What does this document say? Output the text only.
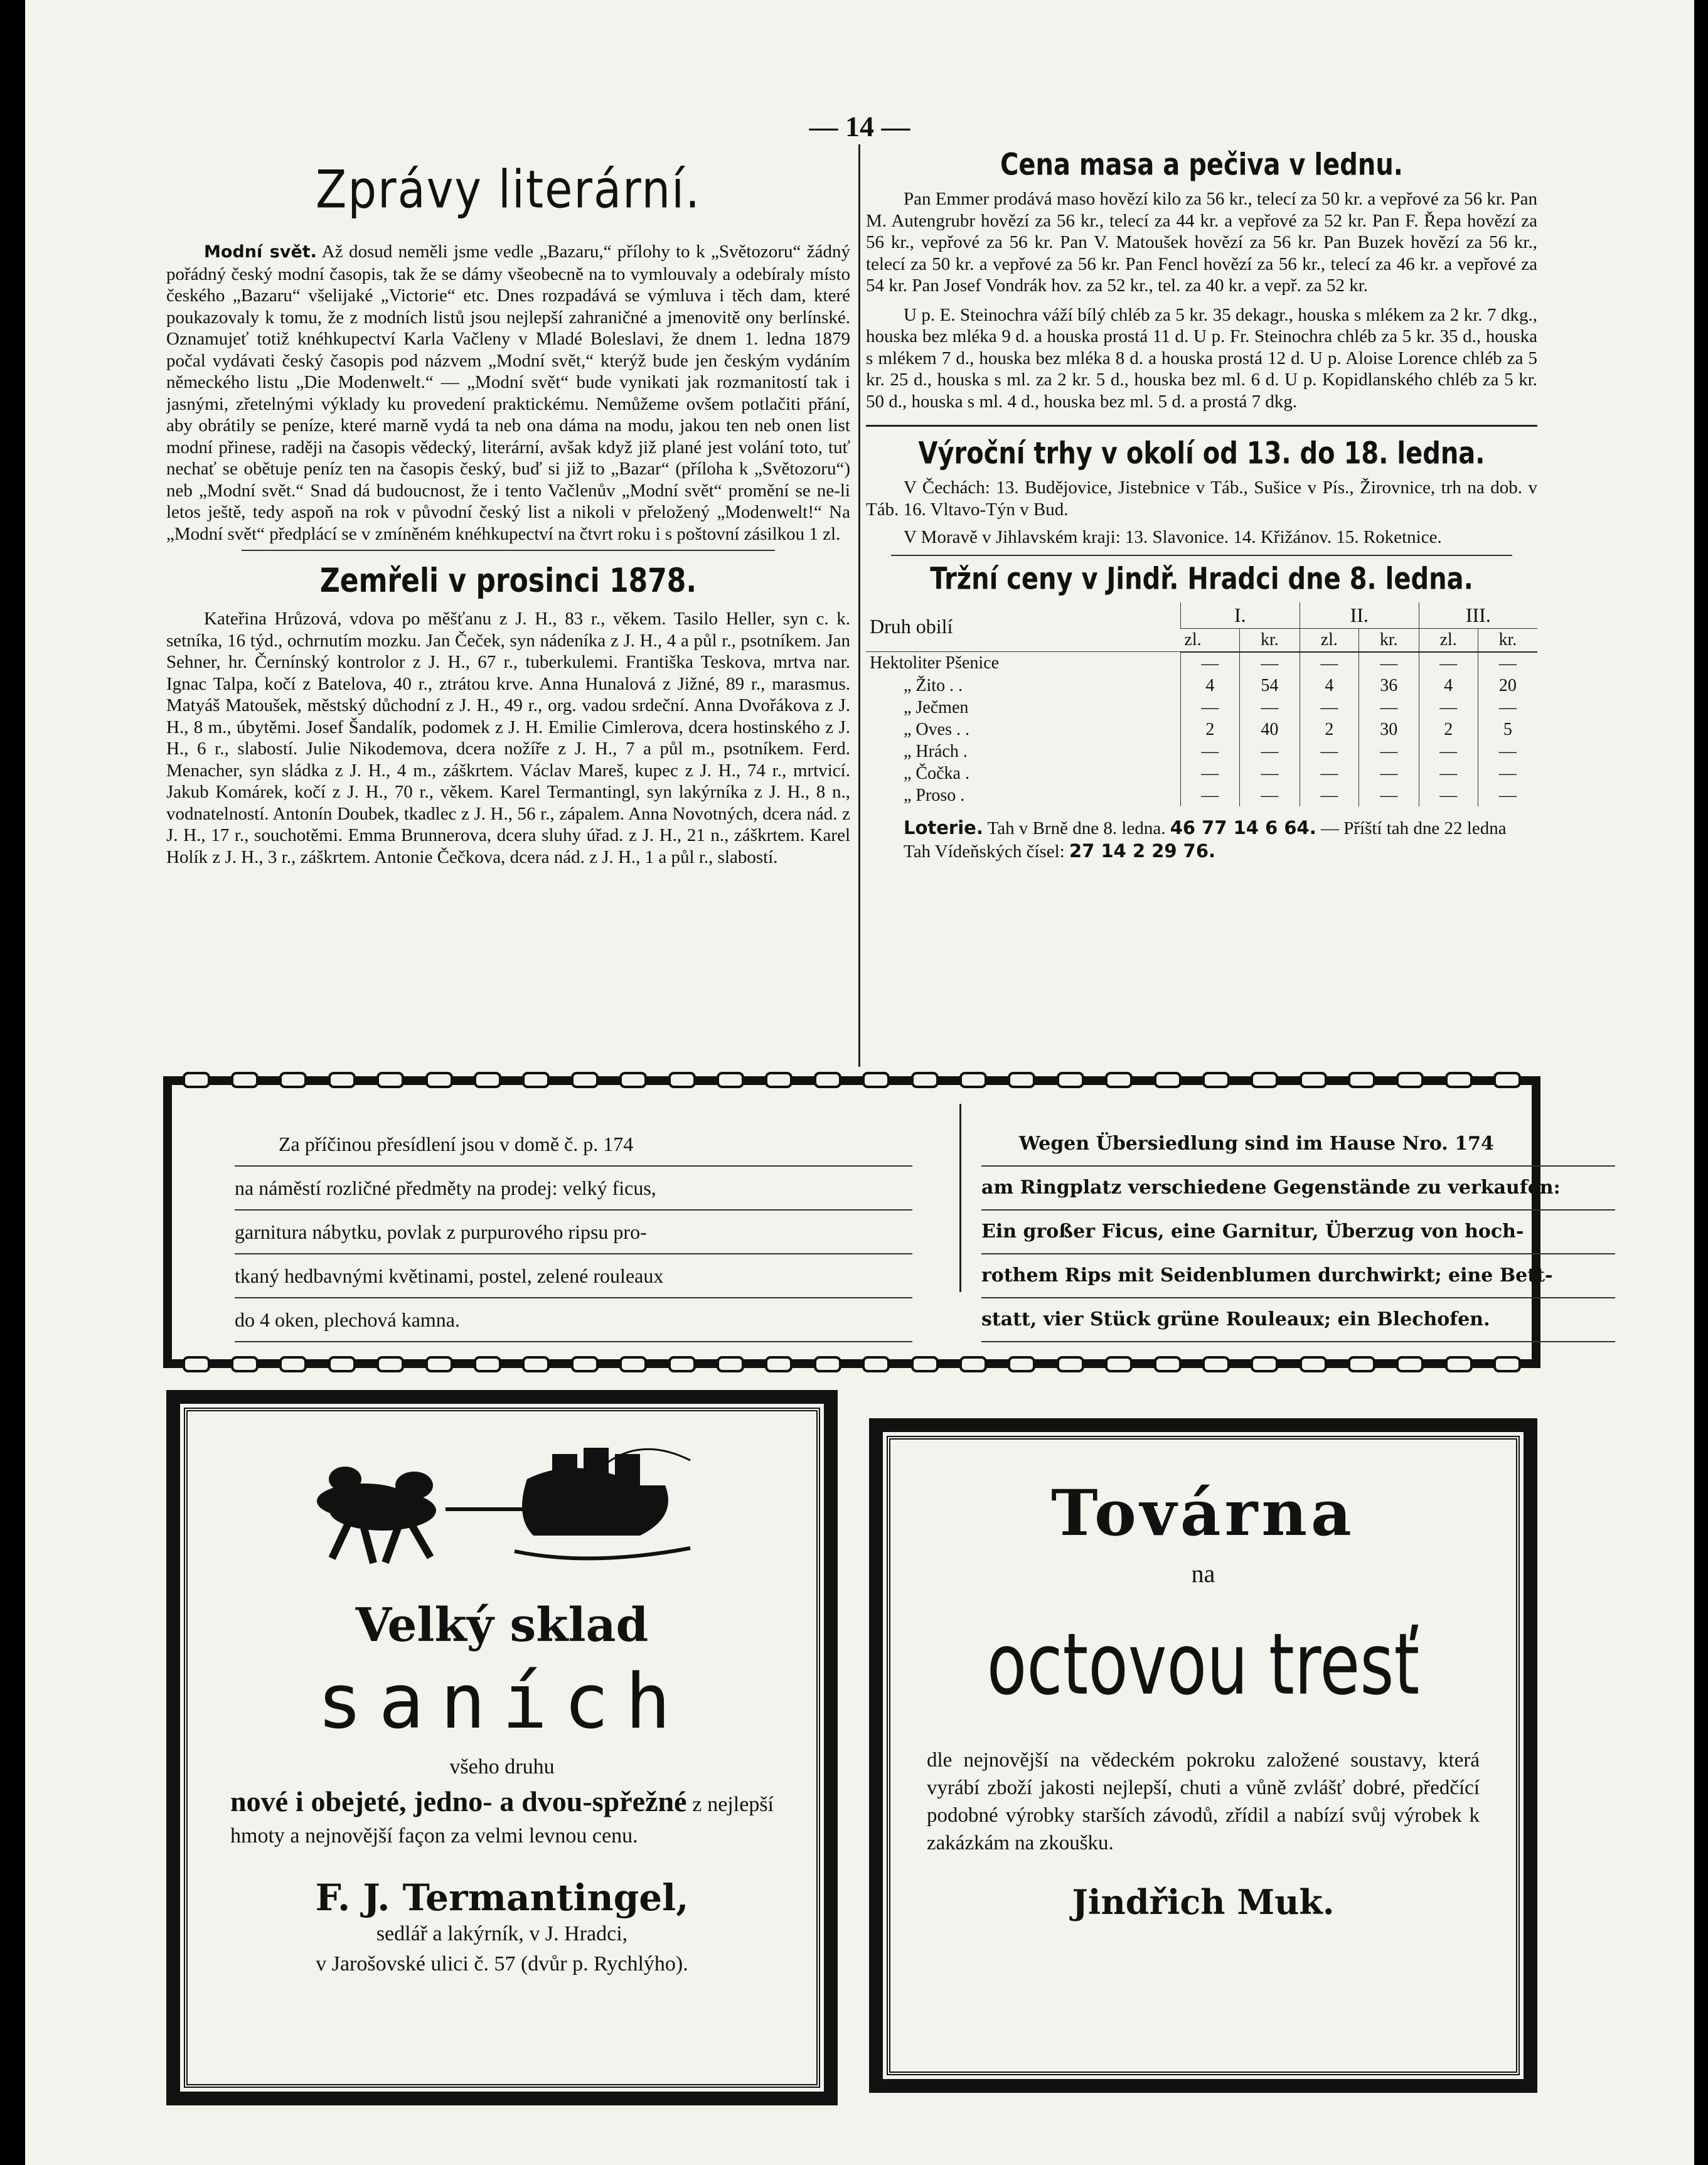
— 14 —
Zprávy literární.

Modní svět. Až dosud neměli jsme vedle „Bazaru,“ přílohy to k „Světozoru“ žádný pořádný český modní časopis, tak že se dámy všeobecně na to vymlouvaly a odebíraly místo českého „Bazaru“ všelijaké „Victorie“ etc. Dnes rozpadává se výmluva i těch dam, které poukazovaly k tomu, že z modních listů jsou nejlepší zahraničné a jmenovitě ony berlínské. Oznamujeť totiž knéhkupectví Karla Vačleny v Mladé Boleslavi, že dnem 1. ledna 1879 počal vydávati český časopis pod názvem „Modní svět,“ kterýž bude jen českým vydáním německého listu „Die Modenwelt.“ — „Modní svět“ bude vynikati jak rozmanitostí tak i jasnými, zřetelnými výklady ku provedení praktickému. Nemůžeme ovšem potlačiti přání, aby obrátily se peníze, které marně vydá ta neb ona dáma na modu, jakou ten neb onen list modní přinese, raději na časopis vědecký, literární, avšak když již plané jest volání toto, tuť nechať se obětuje peníz ten na časopis český, buď si již to „Bazar“ (příloha k „Světozoru“) neb „Modní svět.“ Snad dá budoucnost, že i tento Vačlenův „Modní svět“ promění se ne-li letos ještě, tedy aspoň na rok v původní český list a nikoli v přeložený „Modenwelt!“ Na „Modní svět“ předplácí se v zmíněném knéhkupectví na čtvrt roku i s poštovní zásilkou 1 zl.

Zemřeli v prosinci 1878.

Kateřina Hrůzová, vdova po měšťanu z J. H., 83 r., věkem. Tasilo Heller, syn c. k. setníka, 16 týd., ochrnutím mozku. Jan Čeček, syn nádeníka z J. H., 4 a půl r., psotníkem. Jan Sehner, hr. Černínský kontrolor z J. H., 67 r., tuberkulemi. Františka Teskova, mrtva nar. Ignac Talpa, kočí z Batelova, 40 r., ztrátou krve. Anna Hunalová z Jižné, 89 r., marasmus. Matyáš Matoušek, městský důchodní z J. H., 49 r., org. vadou srdeční. Anna Dvořákova z J. H., 8 m., úbytěmi. Josef Šandalík, podomek z J. H. Emilie Cimlerova, dcera hostinského z J. H., 6 r., slabostí. Julie Nikodemova, dcera nožíře z J. H., 7 a půl m., psotníkem. Ferd. Menacher, syn sládka z J. H., 4 m., záškrtem. Václav Mareš, kupec z J. H., 74 r., mrtvicí. Jakub Komárek, kočí z J. H., 70 r., věkem. Karel Termantingl, syn lakýrníka z J. H., 8 n., vodnatelností. Antonín Doubek, tkadlec z J. H., 56 r., zápalem. Anna Novotných, dcera nád. z J. H., 17 r., souchotěmi. Emma Brunnerova, dcera sluhy úřad. z J. H., 21 n., záškrtem. Karel Holík z J. H., 3 r., záškrtem. Antonie Čečkova, dcera nád. z J. H., 1 a půl r., slabostí.

Cena masa a pečiva v lednu.

Pan Emmer prodává maso hovězí kilo za 56 kr., telecí za 50 kr. a vepřové za 56 kr. Pan M. Autengrubr hovězí za 56 kr., telecí za 44 kr. a vepřové za 52 kr. Pan F. Řepa hovězí za 56 kr., vepřové za 56 kr. Pan V. Matoušek hovězí za 56 kr. Pan Buzek hovězí za 56 kr., telecí za 50 kr. a vepřové za 56 kr. Pan Fencl hovězí za 56 kr., telecí za 46 kr. a vepřové za 54 kr. Pan Josef Vondrák hov. za 52 kr., tel. za 40 kr. a vepř. za 52 kr.

U p. E. Steinochra váží bílý chléb za 5 kr. 35 dekagr., houska s mlékem za 2 kr. 7 dkg., houska bez mléka 9 d. a houska prostá 11 d. U p. Fr. Steinochra chléb za 5 kr. 35 d., houska s mlékem 7 d., houska bez mléka 8 d. a houska prostá 12 d. U p. Aloise Lorence chléb za 5 kr. 25 d., houska s ml. za 2 kr. 5 d., houska bez ml. 6 d. U p. Kopidlanského chléb za 5 kr. 50 d., houska s ml. 4 d., houska bez ml. 5 d. a prostá 7 dkg.

Výroční trhy v okolí od 13. do 18. ledna.

V Čechách: 13. Budějovice, Jistebnice v Táb., Sušice v Pís., Žirovnice, trh na dob. v Táb. 16. Vltavo-Týn v Bud.

V Moravě v Jihlavském kraji: 13. Slavonice. 14. Křižánov. 15. Roketnice.

Tržní ceny v Jindř. Hradci dne 8. ledna.
Druh obilí	I.		II.		III.	
	zl.	kr.	zl.	kr.	zl.	kr.
Hektoliter Pšenice	—	—	—	—	—	—
„ Žito . .	4	54	4	36	4	20
„ Ječmen	—	—	—	—	—	—
„ Oves . .	2	40	2	30	2	5
„ Hrách .	—	—	—	—	—	—
„ Čočka .	—	—	—	—	—	—
„ Proso .	—	—	—	—	—	—

Loterie. Tah v Brně dne 8. ledna. 46 77 14 6 64. — Příští tah dne 22 ledna

Tah Vídeňských čísel: 27 14 2 29 76.

Za příčinou přesídlení jsou v domě č. p. 174
na náměstí rozličné předměty na prodej: velký ficus,
garnitura nábytku, povlak z purpurového ripsu pro-
tkaný hedbavnými květinami, postel, zelené rouleaux
do 4 oken, plechová kamna.
Wegen Übersiedlung sind im Hause Nro. 174
am Ringplatz verschiedene Gegenstände zu verkaufen:
Ein großer Ficus, eine Garnitur, Überzug von hoch-
rothem Rips mit Seidenblumen durchwirkt; eine Bett-
statt, vier Stück grüne Rouleaux; ein Blechofen.
Velký sklad
saních
všeho druhu
nové i obejeté, jedno- a dvou-spřežné z nejlepší hmoty a nejnovější façon za velmi levnou cenu.
F. J. Termantingel,
sedlář a lakýrník, v J. Hradci,
v Jarošovské ulici č. 57 (dvůr p. Rychlýho).
Továrna
na
octovou tresť
dle nejnovější na vědeckém pokroku založené soustavy, která vyrábí zboží jakosti nejlepší, chuti a vůně zvlášť dobré, předčící podobné výrobky starších závodů, zřídil a nabízí svůj výrobek k zakázkám na zkoušku.
Jindřich Muk.
